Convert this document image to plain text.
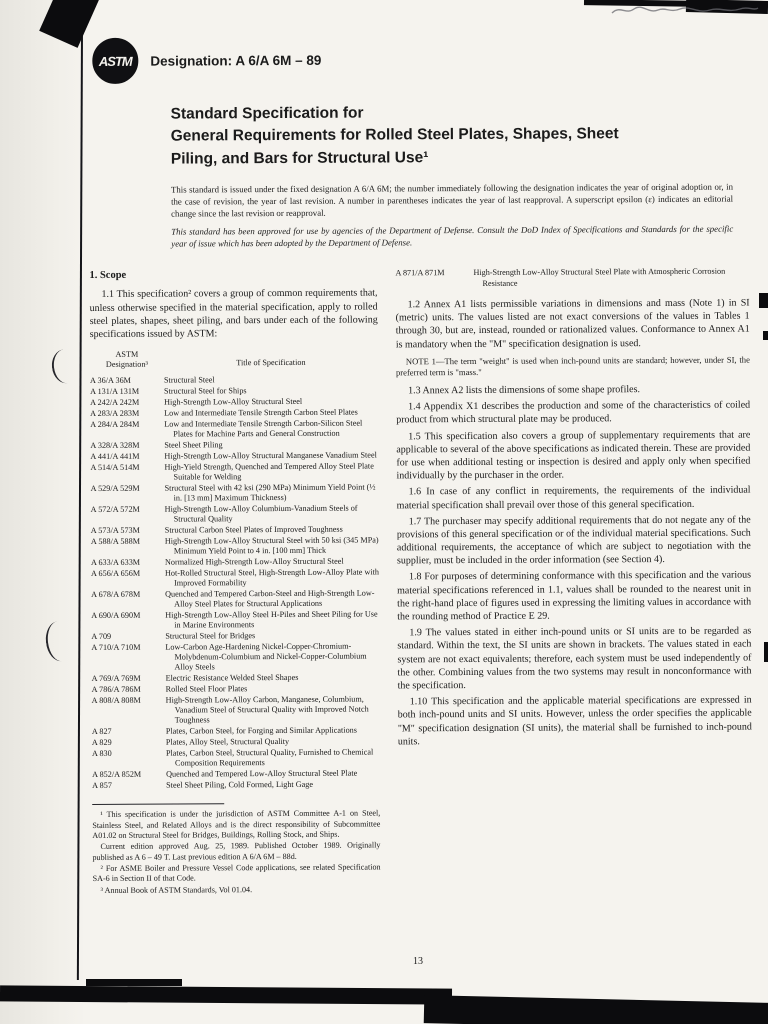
ASTM	Designation: A 6/A 6M – 89
Standard Specification for
General Requirements for Rolled Steel Plates, Shapes, Sheet
Piling, and Bars for Structural Use¹

This standard is issued under the fixed designation A 6/A 6M; the number immediately following the designation indicates the year of original adoption or, in the case of revision, the year of last revision. A number in parentheses indicates the year of last reapproval. A superscript epsilon (ε) indicates an editorial change since the last revision or reapproval.

This standard has been approved for use by agencies of the Department of Defense. Consult the DoD Index of Specifications and Standards for the specific year of issue which has been adopted by the Department of Defense.

1. Scope

1.1 This specification² covers a group of common requirements that, unless otherwise specified in the material specification, apply to rolled steel plates, shapes, sheet piling, and bars under each of the following specifications issued by ASTM:

ASTM
Designation³	Title of Specification
A 36/A 36M	Structural Steel
A 131/A 131M	Structural Steel for Ships
A 242/A 242M	High-Strength Low-Alloy Structural Steel
A 283/A 283M	Low and Intermediate Tensile Strength Carbon Steel Plates
A 284/A 284M	Low and Intermediate Tensile Strength Carbon-Silicon Steel Plates for Machine Parts and General Construction
A 328/A 328M	Steel Sheet Piling
A 441/A 441M	High-Strength Low-Alloy Structural Manganese Vanadium Steel
A 514/A 514M	High-Yield Strength, Quenched and Tempered Alloy Steel Plate Suitable for Welding
A 529/A 529M	Structural Steel with 42 ksi (290 MPa) Minimum Yield Point (½ in. [13 mm] Maximum Thickness)
A 572/A 572M	High-Strength Low-Alloy Columbium-Vanadium Steels of Structural Quality
A 573/A 573M	Structural Carbon Steel Plates of Improved Toughness
A 588/A 588M	High-Strength Low-Alloy Structural Steel with 50 ksi (345 MPa) Minimum Yield Point to 4 in. [100 mm] Thick
A 633/A 633M	Normalized High-Strength Low-Alloy Structural Steel
A 656/A 656M	Hot-Rolled Structural Steel, High-Strength Low-Alloy Plate with Improved Formability
A 678/A 678M	Quenched and Tempered Carbon-Steel and High-Strength Low-Alloy Steel Plates for Structural Applications
A 690/A 690M	High-Strength Low-Alloy Steel H-Piles and Sheet Piling for Use in Marine Environments
A 709	Structural Steel for Bridges
A 710/A 710M	Low-Carbon Age-Hardening Nickel-Copper-Chromium-Molybdenum-Columbium and Nickel-Copper-Columbium Alloy Steels
A 769/A 769M	Electric Resistance Welded Steel Shapes
A 786/A 786M	Rolled Steel Floor Plates
A 808/A 808M	High-Strength Low-Alloy Carbon, Manganese, Columbium, Vanadium Steel of Structural Quality with Improved Notch Toughness
A 827	Plates, Carbon Steel, for Forging and Similar Applications
A 829	Plates, Alloy Steel, Structural Quality
A 830	Plates, Carbon Steel, Structural Quality, Furnished to Chemical Composition Requirements
A 852/A 852M	Quenched and Tempered Low-Alloy Structural Steel Plate
A 857	Steel Sheet Piling, Cold Formed, Light Gage

¹ This specification is under the jurisdiction of ASTM Committee A-1 on Steel, Stainless Steel, and Related Alloys and is the direct responsibility of Subcommittee A01.02 on Structural Steel for Bridges, Buildings, Rolling Stock, and Ships.

Current edition approved Aug. 25, 1989. Published October 1989. Originally published as A 6 – 49 T. Last previous edition A 6/A 6M – 88d.

² For ASME Boiler and Pressure Vessel Code applications, see related Specification SA-6 in Section II of that Code.

³ Annual Book of ASTM Standards, Vol 01.04.

A 871/A 871M	High-Strength Low-Alloy Structural Steel Plate with Atmospheric Corrosion Resistance

1.2 Annex A1 lists permissible variations in dimensions and mass (Note 1) in SI (metric) units. The values listed are not exact conversions of the values in Tables 1 through 30, but are, instead, rounded or rationalized values. Conformance to Annex A1 is mandatory when the "M" specification designation is used.

NOTE 1—The term "weight" is used when inch-pound units are standard; however, under SI, the preferred term is "mass."

1.3 Annex A2 lists the dimensions of some shape profiles.

1.4 Appendix X1 describes the production and some of the characteristics of coiled product from which structural plate may be produced.

1.5 This specification also covers a group of supplementary requirements that are applicable to several of the above specifications as indicated therein. These are provided for use when additional testing or inspection is desired and apply only when specified individually by the purchaser in the order.

1.6 In case of any conflict in requirements, the requirements of the individual material specification shall prevail over those of this general specification.

1.7 The purchaser may specify additional requirements that do not negate any of the provisions of this general specification or of the individual material specifications. Such additional requirements, the acceptance of which are subject to negotiation with the supplier, must be included in the order information (see Section 4).

1.8 For purposes of determining conformance with this specification and the various material specifications referenced in 1.1, values shall be rounded to the nearest unit in the right-hand place of figures used in expressing the limiting values in accordance with the rounding method of Practice E 29.

1.9 The values stated in either inch-pound units or SI units are to be regarded as standard. Within the text, the SI units are shown in brackets. The values stated in each system are not exact equivalents; therefore, each system must be used independently of the other. Combining values from the two systems may result in nonconformance with the specification.

1.10 This specification and the applicable material specifications are expressed in both inch-pound units and SI units. However, unless the order specifies the applicable "M" specification designation (SI units), the material shall be furnished to inch-pound units.

13
